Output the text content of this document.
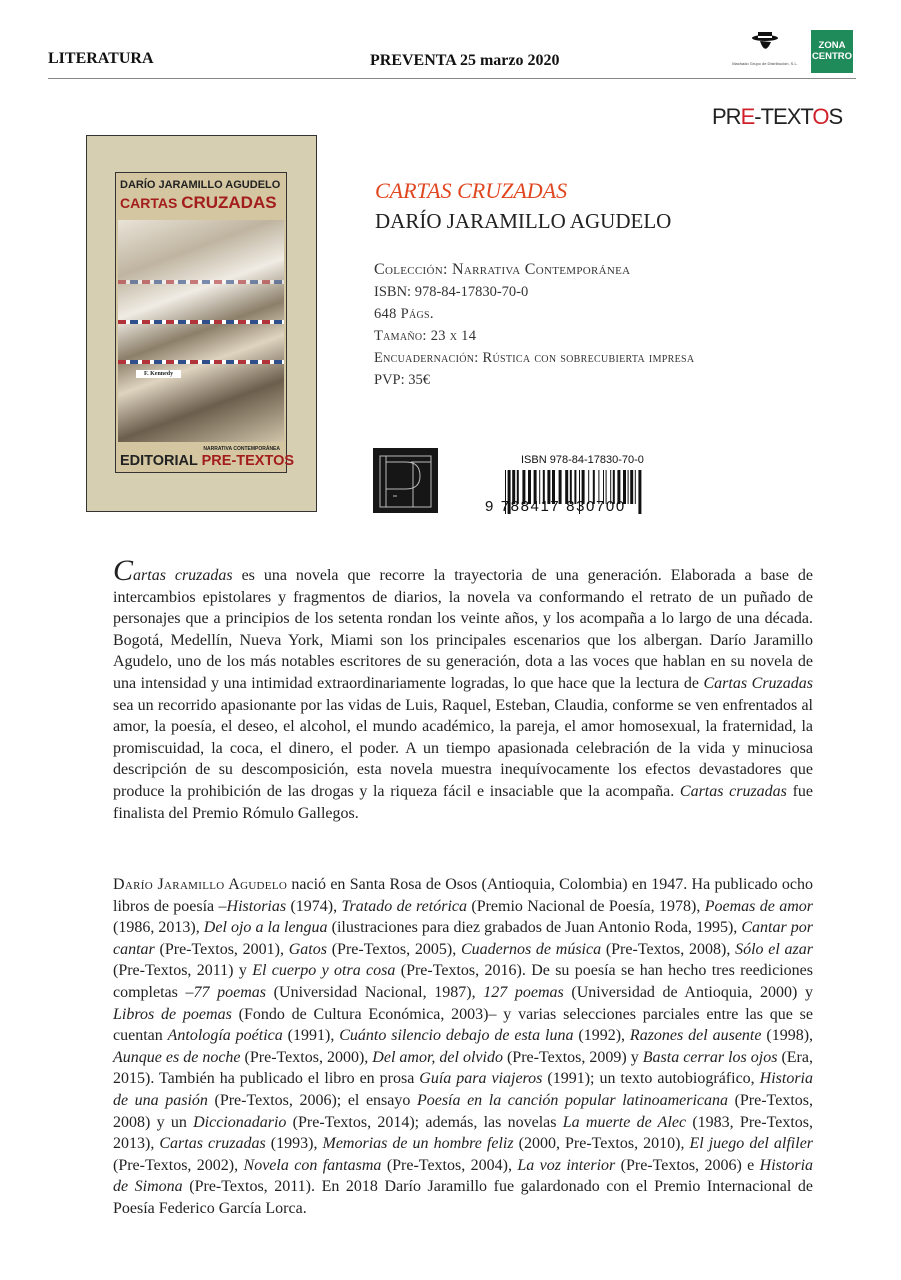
LITERATURA	PREVENTA 25 marzo 2020	Machado Grupo de Distribución, S.L.
ZONA
CENTRO
PRE-TEXTOS
DARÍO JARAMILLO AGUDELO
CARTAS CRUZADAS
F. Kennedy
NARRATIVA CONTEMPORÁNEA
EDITORIAL PRE-TEXTOS
CARTAS CRUZADAS
DARÍO JARAMILLO AGUDELO
Colección: Narrativa Contemporánea
ISBN: 978-84-17830-70-0
648 Págs.
Tamaño: 23 x 14
Encuadernación: Rústica con sobrecubierta impresa
PVP: 35€
ISBN 978-84-17830-70-0
9 788417 830700
Cartas cruzadas es una novela que recorre la trayectoria de una generación. Elaborada a base de intercambios epistolares y fragmentos de diarios, la novela va conformando el retrato de un puñado de personajes que a principios de los setenta rondan los veinte años, y los acompaña a lo largo de una década. Bogotá, Medellín, Nueva York, Miami son los principales escenarios que los albergan. Darío Jaramillo Agudelo, uno de los más notables escritores de su generación, dota a las voces que hablan en su novela de una intensidad y una intimidad extraordinariamente logradas, lo que hace que la lectura de Cartas Cruzadas sea un recorrido apasionante por las vidas de Luis, Raquel, Esteban, Claudia, conforme se ven enfrentados al amor, la poesía, el deseo, el alcohol, el mundo académico, la pareja, el amor homosexual, la fraternidad, la promiscuidad, la coca, el dinero, el poder. A un tiempo apasionada celebración de la vida y minuciosa descripción de su descomposición, esta novela muestra inequívocamente los efectos devastadores que produce la prohibición de las drogas y la riqueza fácil e insaciable que la acompaña. Cartas cruzadas fue finalista del Premio Rómulo Gallegos.
Darío Jaramillo Agudelo nació en Santa Rosa de Osos (Antioquia, Colombia) en 1947. Ha publicado ocho libros de poesía –Historias (1974), Tratado de retórica (Premio Nacional de Poesía, 1978), Poemas de amor (1986, 2013), Del ojo a la lengua (ilustraciones para diez grabados de Juan Antonio Roda, 1995), Cantar por cantar (Pre-Textos, 2001), Gatos (Pre-Textos, 2005), Cuadernos de música (Pre-Textos, 2008), Sólo el azar (Pre-Textos, 2011) y El cuerpo y otra cosa (Pre-Textos, 2016). De su poesía se han hecho tres reediciones completas –77 poemas (Universidad Nacional, 1987), 127 poemas (Universidad de Antioquia, 2000) y Libros de poemas (Fondo de Cultura Económica, 2003)– y varias selecciones parciales entre las que se cuentan Antología poética (1991), Cuánto silencio debajo de esta luna (1992), Razones del ausente (1998), Aunque es de noche (Pre-Textos, 2000), Del amor, del olvido (Pre-Textos, 2009) y Basta cerrar los ojos (Era, 2015). También ha publicado el libro en prosa Guía para viajeros (1991); un texto autobiográfico, Historia de una pasión (Pre-Textos, 2006); el ensayo Poesía en la canción popular latinoamericana (Pre-Textos, 2008) y un Diccionadario (Pre-Textos, 2014); además, las novelas La muerte de Alec (1983, Pre-Textos, 2013), Cartas cruzadas (1993), Memorias de un hombre feliz (2000, Pre-Textos, 2010), El juego del alfiler (Pre-Textos, 2002), Novela con fantasma (Pre-Textos, 2004), La voz interior (Pre-Textos, 2006) e Historia de Simona (Pre-Textos, 2011). En 2018 Darío Jaramillo fue galardonado con el Premio Internacional de Poesía Federico García Lorca.
